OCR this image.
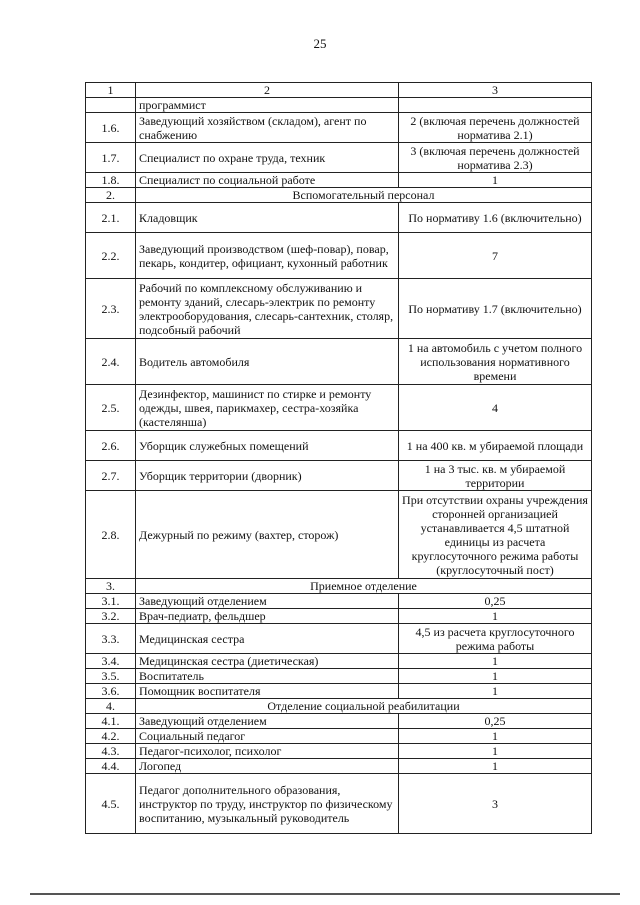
25
1	2	3
	программист	
1.6.	Заведующий хозяйством (складом), агент по снабжению	2 (включая перечень должностей норматива 2.1)
1.7.	Специалист по охране труда, техник	3 (включая перечень должностей норматива 2.3)
1.8.	Специалист по социальной работе	1
2.	Вспомогательный персонал	
2.1.	Кладовщик	По нормативу 1.6 (включительно)
2.2.	Заведующий производством (шеф-повар), повар, пекарь, кондитер, официант, кухонный работник	7
2.3.	Рабочий по комплексному обслуживанию и ремонту зданий, слесарь-электрик по ремонту электрооборудования, слесарь-сантехник, столяр, подсобный рабочий	По нормативу 1.7 (включительно)
2.4.	Водитель автомобиля	1 на автомобиль с учетом полного использования нормативного времени
2.5.	Дезинфектор, машинист по стирке и ремонту одежды, швея, парикмахер, сестра-хозяйка (кастелянша)	4
2.6.	Уборщик служебных помещений	1 на 400 кв. м убираемой площади
2.7.	Уборщик территории (дворник)	1 на 3 тыс. кв. м убираемой территории
2.8.	Дежурный по режиму (вахтер, сторож)	При отсутствии охраны учреждения сторонней организацией устанавливается 4,5 штатной единицы из расчета круглосуточного режима работы (круглосуточный пост)
3.	Приемное отделение	
3.1.	Заведующий отделением	0,25
3.2.	Врач-педиатр, фельдшер	1
3.3.	Медицинская сестра	4,5 из расчета круглосуточного режима работы
3.4.	Медицинская сестра (диетическая)	1
3.5.	Воспитатель	1
3.6.	Помощник воспитателя	1
4.	Отделение социальной реабилитации	
4.1.	Заведующий отделением	0,25
4.2.	Социальный педагог	1
4.3.	Педагог-психолог, психолог	1
4.4.	Логопед	1
4.5.	Педагог дополнительного образования, инструктор по труду, инструктор по физическому воспитанию, музыкальный руководитель	3
